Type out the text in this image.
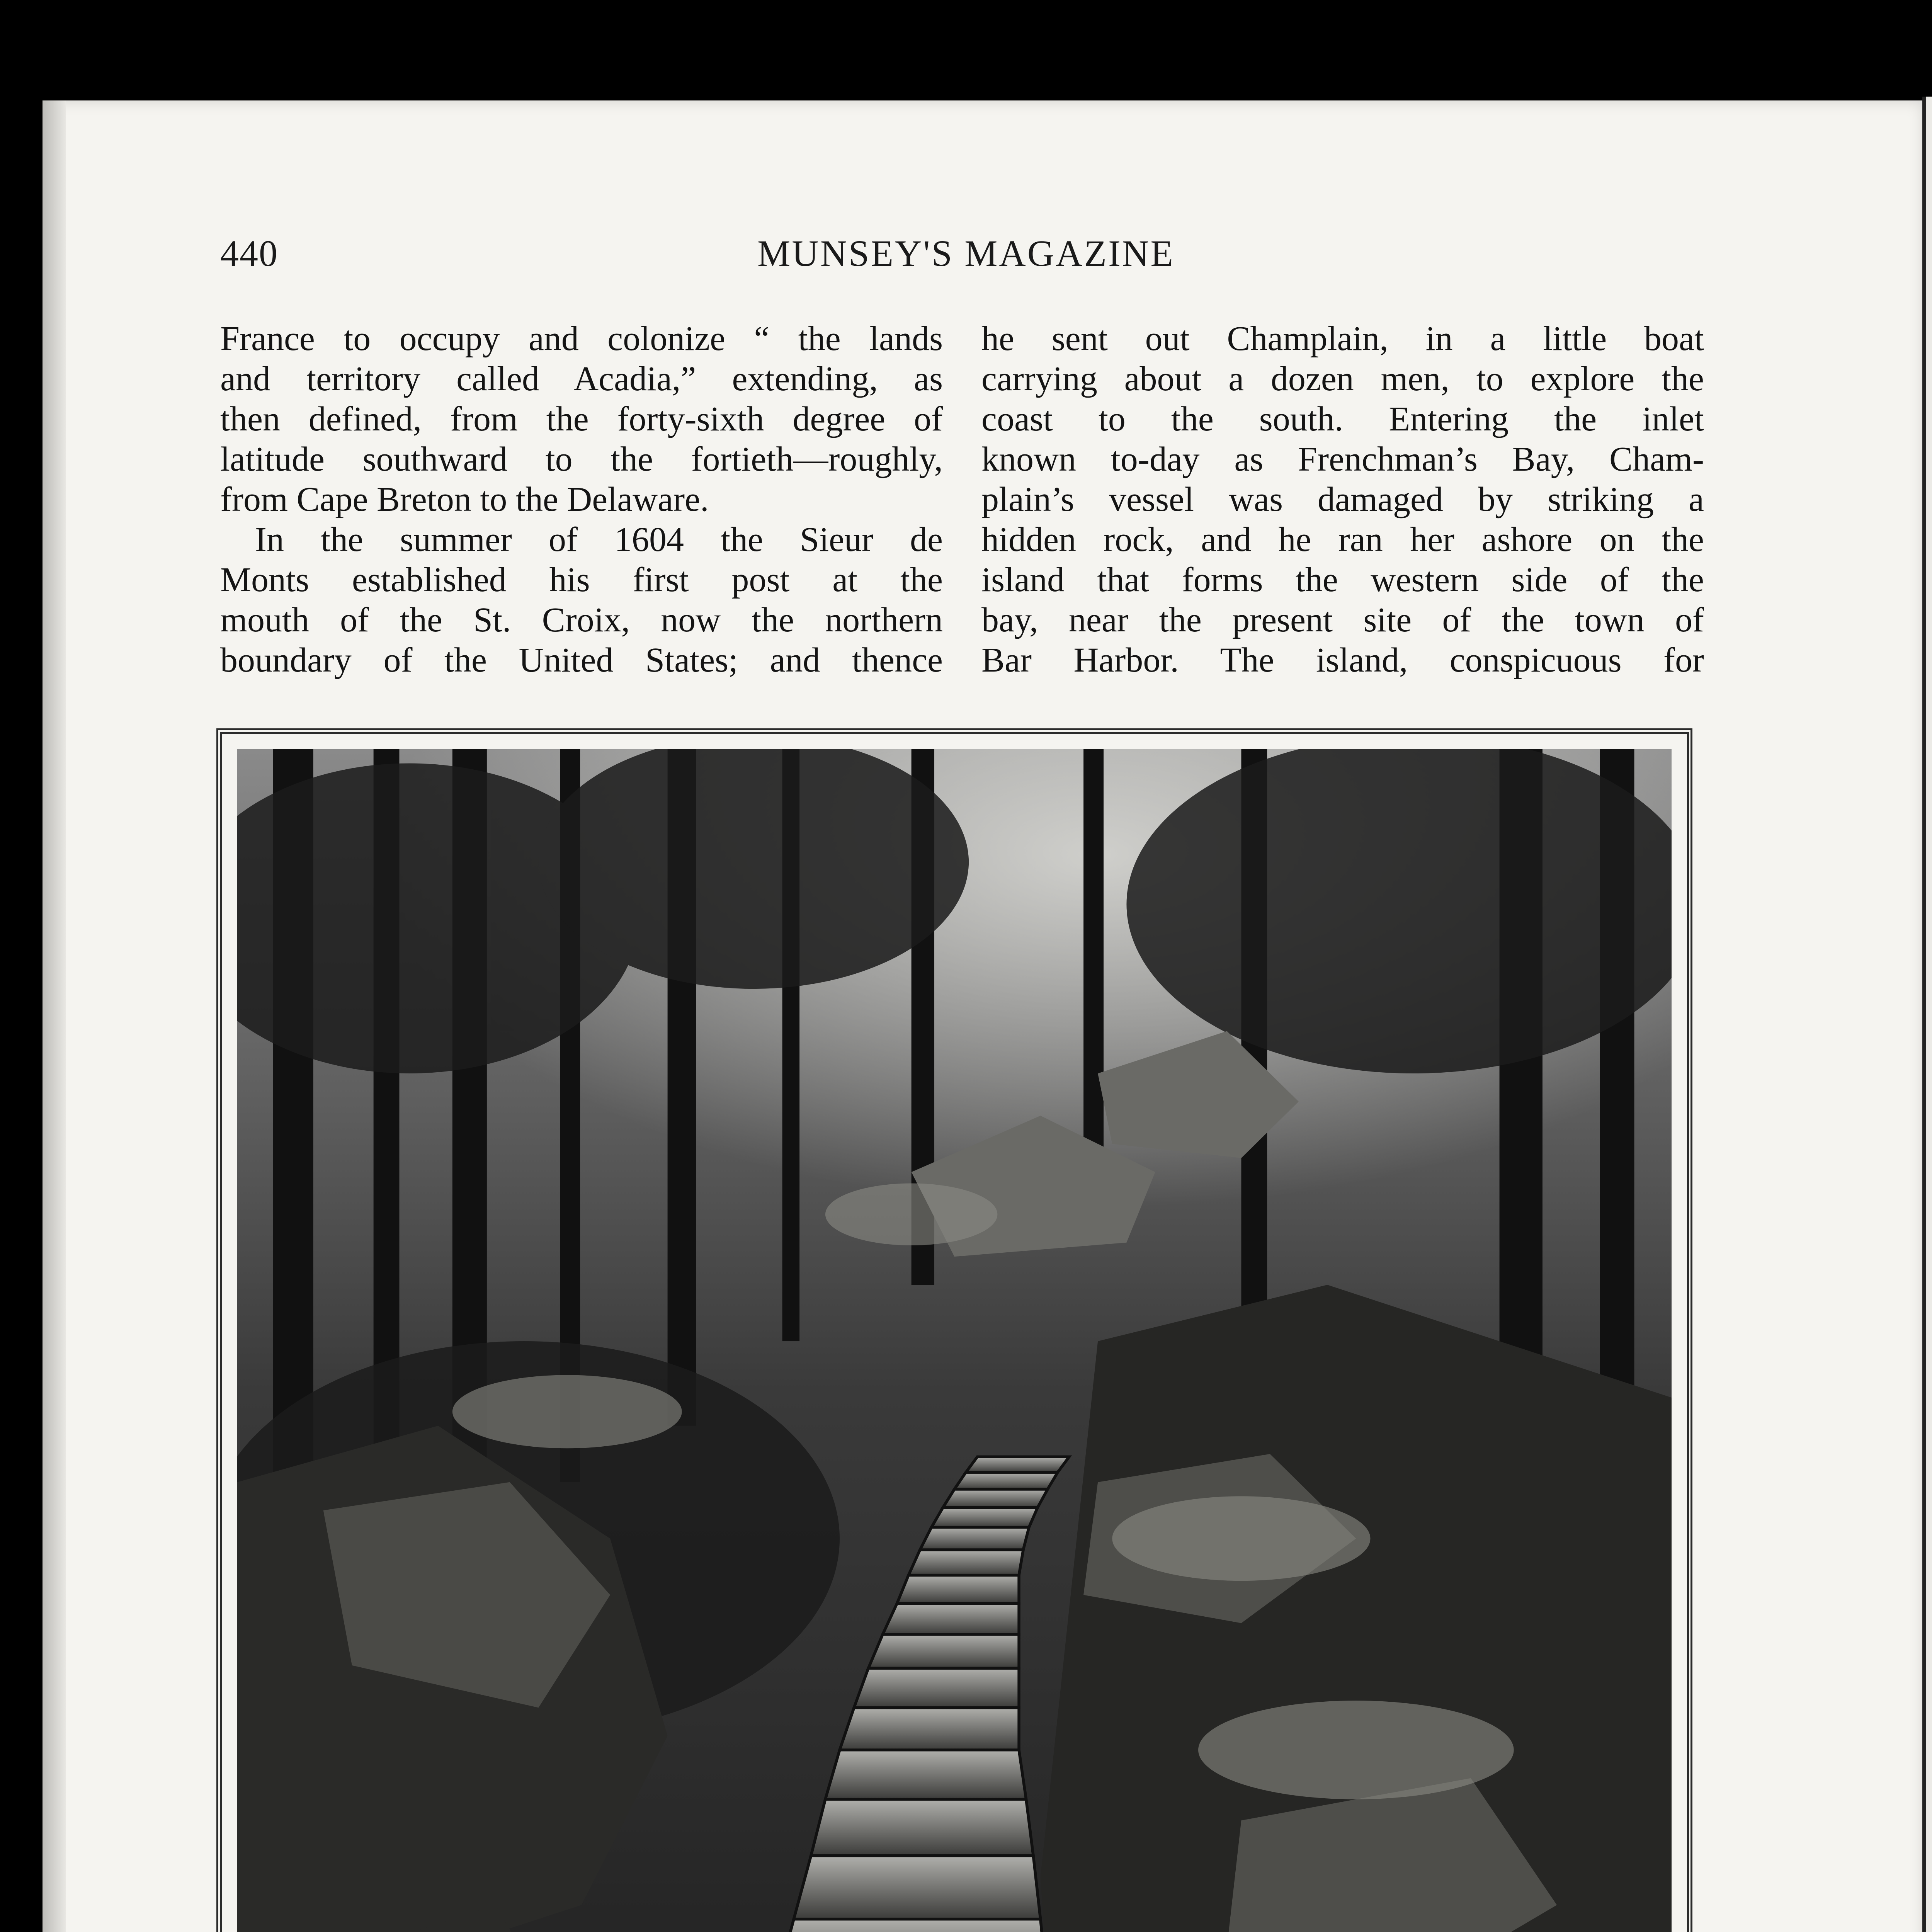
440	MUNSEY'S MAGAZINE
France to occupy and colonize “ the lands
and territory called Acadia,” extending, as
then defined, from the forty-sixth degree of
latitude southward to the fortieth—roughly,
from Cape Breton to the Delaware.
In the summer of 1604 the Sieur de
Monts established his first post at the
mouth of the St. Croix, now the northern
boundary of the United States; and thence
he sent out Champlain, in a little boat
carrying about a dozen men, to explore the
coast to the south. Entering the inlet
known to-day as Frenchman’s Bay, Cham-
plain’s vessel was damaged by striking a
hidden rock, and he ran her ashore on the
island that forms the western side of the
bay, near the present site of the town of
Bar Harbor. The island, conspicuous for
